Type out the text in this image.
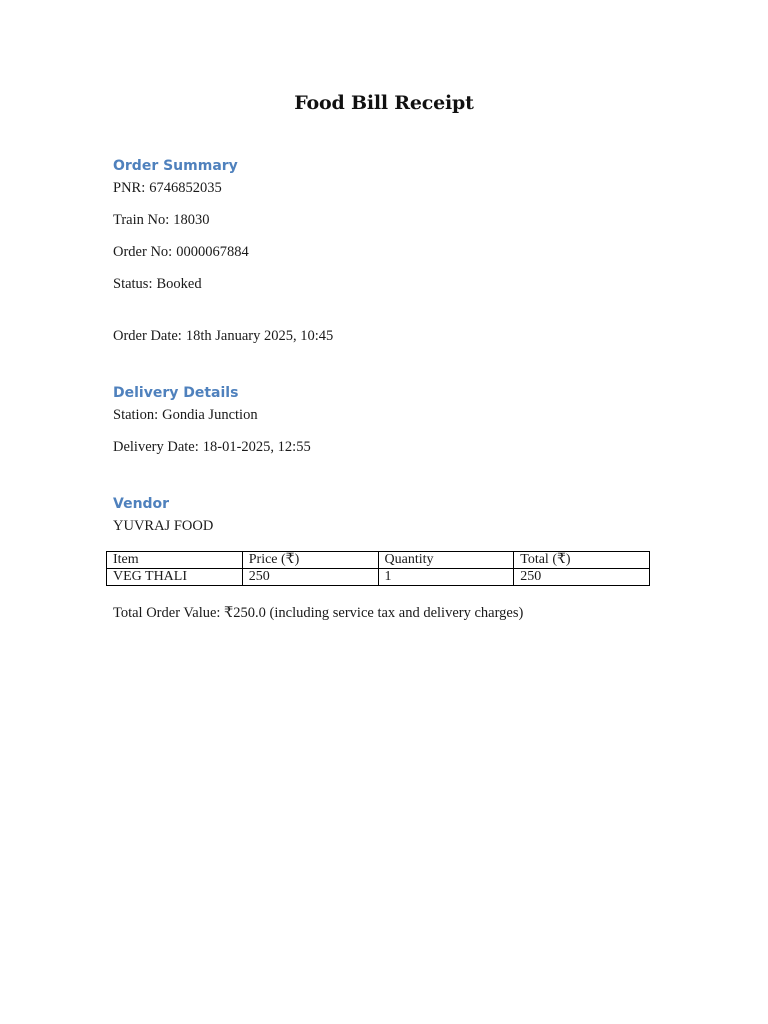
Food Bill Receipt
Order Summary
PNR: 6746852035
Train No: 18030
Order No: 0000067884
Status: Booked
Order Date: 18th January 2025, 10:45
Delivery Details
Station: Gondia Junction
Delivery Date: 18-01-2025, 12:55
Vendor
YUVRAJ FOOD
Item	Price (₹)	Quantity	Total (₹)
VEG THALI	250	1	250
Total Order Value: ₹250.0 (including service tax and delivery charges)
